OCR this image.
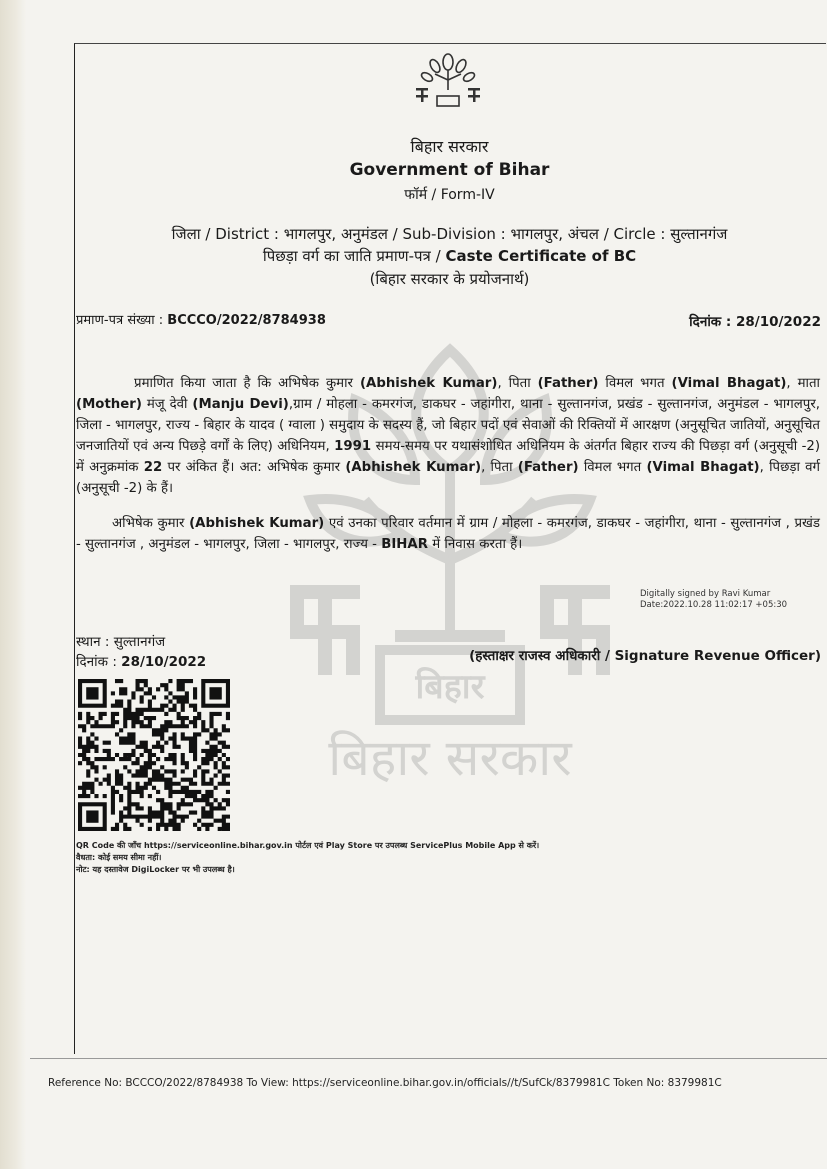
बिहार
बिहार सरकार
बिहार सरकार
Government of Bihar
फॉर्म / Form-IV
जिला / District : भागलपुर, अनुमंडल / Sub-Division : भागलपुर, अंचल / Circle : सुल्तानगंज
पिछड़ा वर्ग का जाति प्रमाण-पत्र / Caste Certificate of BC
(बिहार सरकार के प्रयोजनार्थ)
प्रमाण-पत्र संख्या : BCCCO/2022/8784938	दिनांक : 28/10/2022
प्रमाणित किया जाता है कि अभिषेक कुमार (Abhishek Kumar), पिता (Father) विमल भगत (Vimal Bhagat), माता (Mother) मंजू देवी (Manju Devi),ग्राम / मोहला - कमरगंज, डाकघर - जहांगीरा, थाना - सुल्तानगंज, प्रखंड - सुल्तानगंज, अनुमंडल - भागलपुर, जिला - भागलपुर, राज्य - बिहार के यादव ( ग्वाला ) समुदाय के सदस्य हैं, जो बिहार पदों एवं सेवाओं की रिक्तियों में आरक्षण (अनुसूचित जातियों, अनुसूचित जनजातियों एवं अन्य पिछड़े वर्गों के लिए) अधिनियम, 1991 समय-समय पर यथासंशोधित अधिनियम के अंतर्गत बिहार राज्य की पिछड़ा वर्ग (अनुसूची -2) में अनुक्रमांक 22 पर अंकित हैं। अत: अभिषेक कुमार (Abhishek Kumar), पिता (Father) विमल भगत (Vimal Bhagat), पिछड़ा वर्ग (अनुसूची -2) के हैं।
अभिषेक कुमार (Abhishek Kumar) एवं उनका परिवार वर्तमान में ग्राम / मोहला - कमरगंज, डाकघर - जहांगीरा, थाना - सुल्तानगंज , प्रखंड - सुल्तानगंज , अनुमंडल - भागलपुर, जिला - भागलपुर, राज्य - BIHAR में निवास करता हैं।
Digitally signed by Ravi Kumar
Date:2022.10.28 11:02:17 +05:30
स्थान : सुल्तानगंज
दिनांक : 28/10/2022	(हस्ताक्षर राजस्व अधिकारी / Signature Revenue Officer)
QR Code की जाँच https://serviceonline.bihar.gov.in पोर्टल एवं Play Store पर उपलब्ध ServicePlus Mobile App से करें।
वैधता: कोई समय सीमा नहीं।
नोट: यह दस्तावेज DigiLocker पर भी उपलब्ध है।
Reference No: BCCCO/2022/8784938 To View: https://serviceonline.bihar.gov.in/officials//t/SufCk/8379981C Token No: 8379981C
